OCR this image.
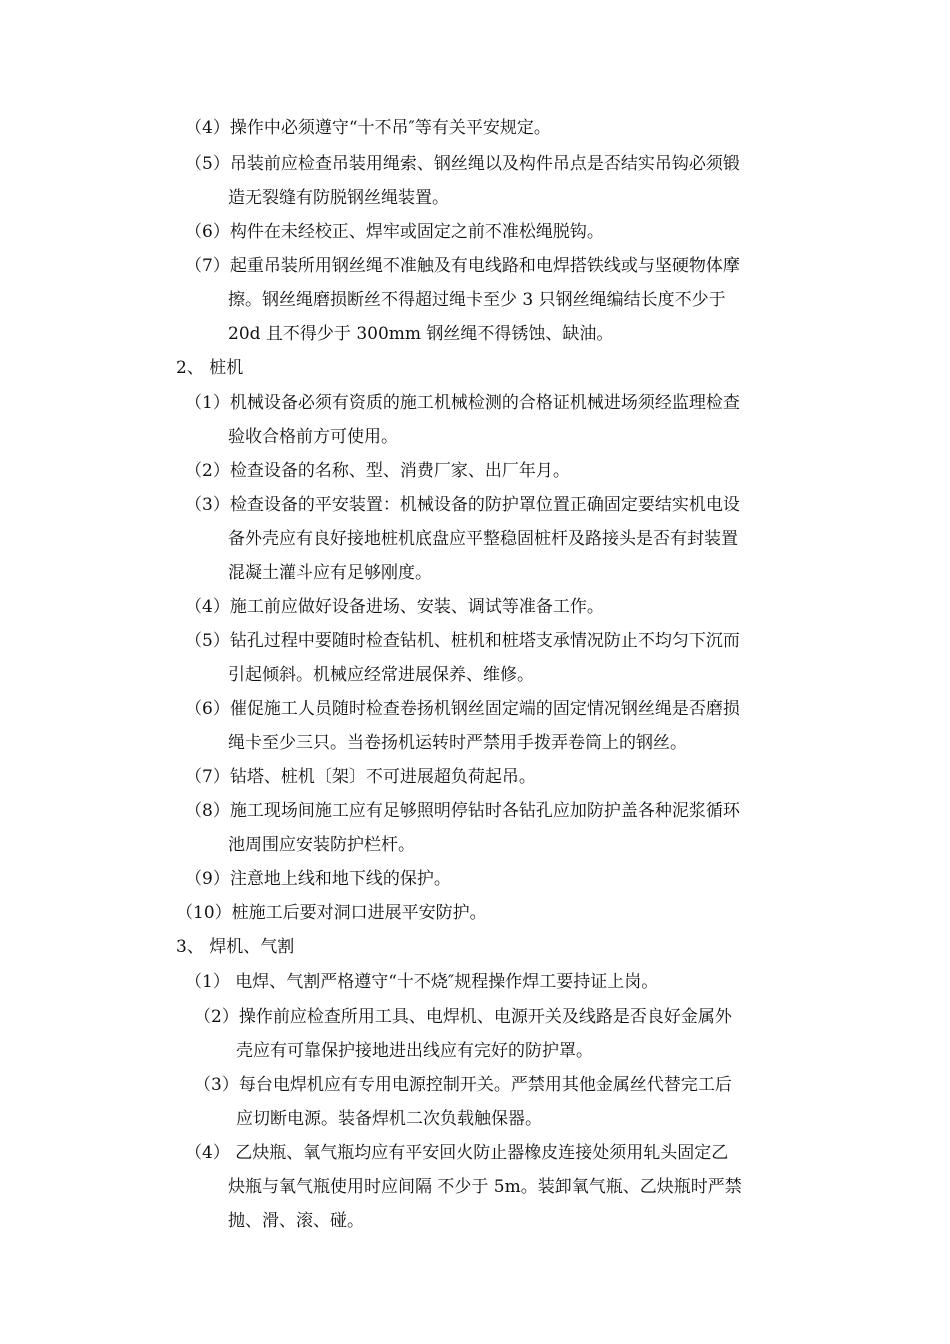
（4）操作中必须遵守“十不吊″等有关平安规定。
（5）吊装前应检查吊装用绳索、钢丝绳以及构件吊点是否结实吊钩必须锻
造无裂缝有防脱钢丝绳装置。
（6）构件在未经校正、焊牢或固定之前不准松绳脱钩。
（7）起重吊装所用钢丝绳不准触及有电线路和电焊搭铁线或与坚硬物体摩
擦。钢丝绳磨损断丝不得超过绳卡至少 3 只钢丝绳编结长度不少于
20d 且不得少于 300mm 钢丝绳不得锈蚀、缺油。
2、 桩机
（1）机械设备必须有资质的施工机械检测的合格证机械进场须经监理检查
验收合格前方可使用。
（2）检查设备的名称、型、消费厂家、出厂年月。
（3）检查设备的平安装置：机械设备的防护罩位置正确固定要结实机电设
备外壳应有良好接地桩机底盘应平整稳固桩杆及路接头是否有封装置
混凝土灌斗应有足够刚度。
（4）施工前应做好设备进场、安装、调试等准备工作。
（5）钻孔过程中要随时检查钻机、桩机和桩塔支承情况防止不均匀下沉而
引起倾斜。机械应经常进展保养、维修。
（6）催促施工人员随时检查卷扬机钢丝固定端的固定情况钢丝绳是否磨损
绳卡至少三只。当卷扬机运转时严禁用手拨弄卷筒上的钢丝。
（7）钻塔、桩机〔架〕不可进展超负荷起吊。
（8）施工现场间施工应有足够照明停钻时各钻孔应加防护盖各种泥浆循环
池周围应安装防护栏杆。
（9）注意地上线和地下线的保护。
（10）桩施工后要对洞口进展平安防护。
3、 焊机、气割
（1） 电焊、气割严格遵守“十不烧″规程操作焊工要持证上岗。
（2）操作前应检查所用工具、电焊机、电源开关及线路是否良好金属外
壳应有可靠保护接地进出线应有完好的防护罩。
（3）每台电焊机应有专用电源控制开关。严禁用其他金属丝代替完工后
应切断电源。装备焊机二次负载触保器。
（4） 乙炔瓶、氧气瓶均应有平安回火防止器橡皮连接处须用轧头固定乙
炔瓶与氧气瓶使用时应间隔 不少于 5m。装卸氧气瓶、乙炔瓶时严禁
抛、滑、滚、碰。
